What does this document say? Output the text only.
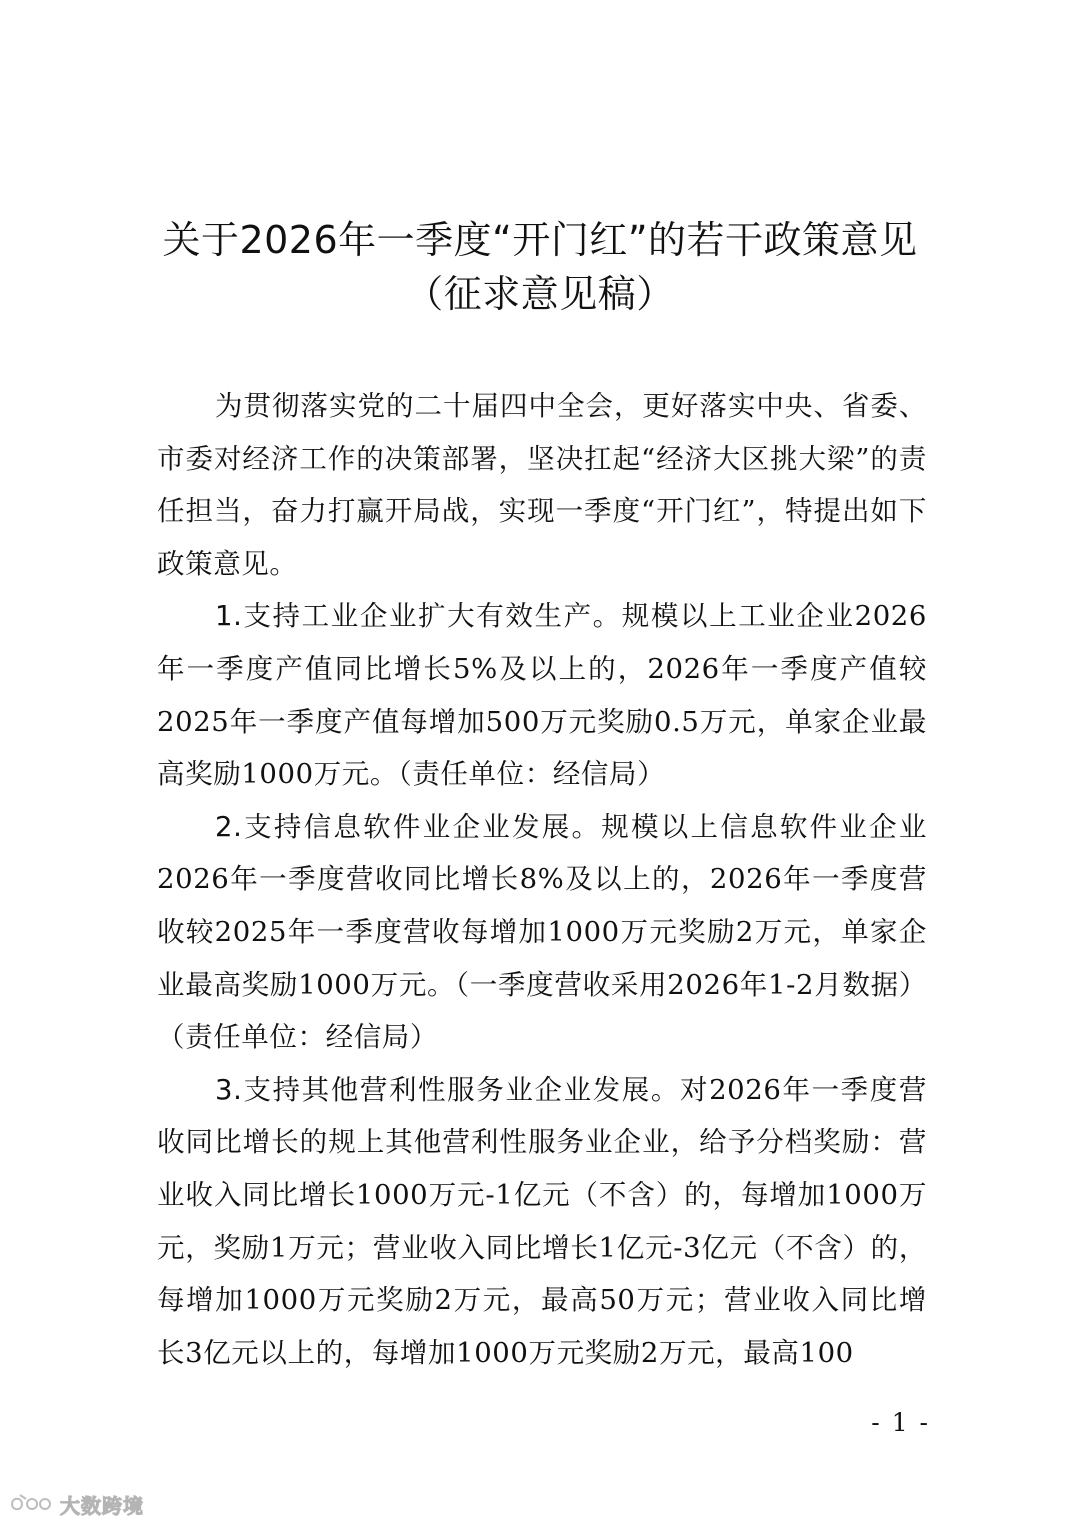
关于2026年一季度“开门红”的若干政策意见
（征求意见稿）

为贯彻落实党的二十届四中全会，更好落实中央、省委、市委对经济工作的决策部署，坚决扛起“经济大区挑大梁”的责任担当，奋力打赢开局战，实现一季度“开门红”，特提出如下政策意见。

1.支持工业企业扩大有效生产。规模以上工业企业2026年一季度产值同比增长5%及以上的，2026年一季度产值较2025年一季度产值每增加500万元奖励0.5万元，单家企业最高奖励1000万元。（责任单位：经信局）

2.支持信息软件业企业发展。规模以上信息软件业企业2026年一季度营收同比增长8%及以上的，2026年一季度营收较2025年一季度营收每增加1000万元奖励2万元，单家企业最高奖励1000万元。（一季度营收采用2026年1-2月数据）（责任单位：经信局）

3.支持其他营利性服务业企业发展。对2026年一季度营收同比增长的规上其他营利性服务业企业，给予分档奖励：营业收入同比增长1000万元-1亿元（不含）的，每增加1000万元，奖励1万元；营业收入同比增长1亿元-3亿元（不含）的，每增加1000万元奖励2万元，最高50万元；营业收入同比增长3亿元以上的，每增加1000万元奖励2万元，最高100

- 1 -
大数跨境
